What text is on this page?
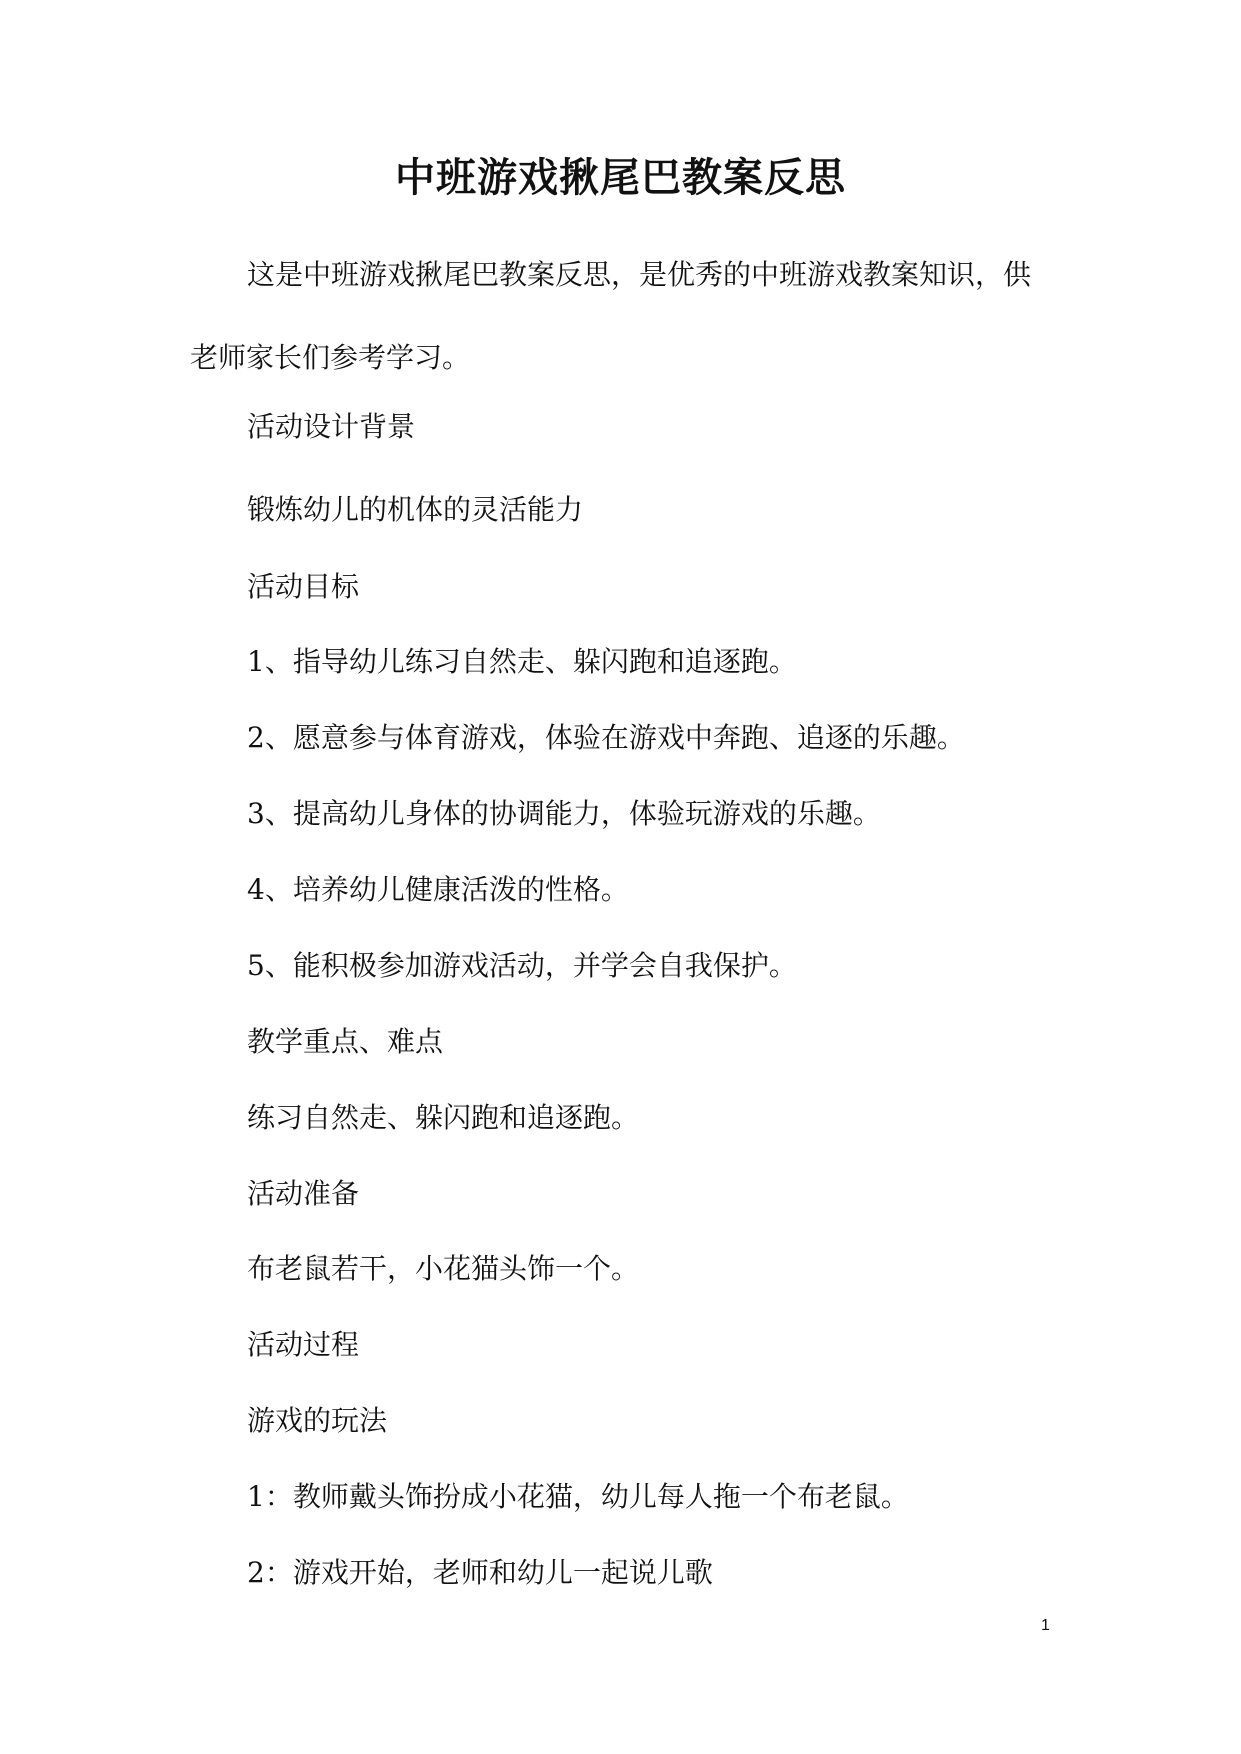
中班游戏揪尾巴教案反思
这是中班游戏揪尾巴教案反思，是优秀的中班游戏教案知识，供
老师家长们参考学习。
活动设计背景
锻炼幼儿的机体的灵活能力
活动目标
1、指导幼儿练习自然走、躲闪跑和追逐跑。
2、愿意参与体育游戏，体验在游戏中奔跑、追逐的乐趣。
3、提高幼儿身体的协调能力，体验玩游戏的乐趣。
4、培养幼儿健康活泼的性格。
5、能积极参加游戏活动，并学会自我保护。
教学重点、难点
练习自然走、躲闪跑和追逐跑。
活动准备
布老鼠若干，小花猫头饰一个。
活动过程
游戏的玩法
1：教师戴头饰扮成小花猫，幼儿每人拖一个布老鼠。
2：游戏开始，老师和幼儿一起说儿歌
1
